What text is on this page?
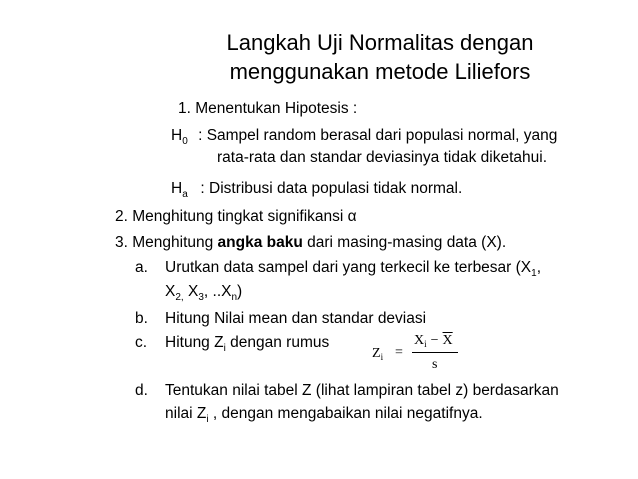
Langkah Uji Normalitas dengan
menggunakan metode Liliefors
1. Menentukan Hipotesis :
$H_0$ : Sampel random berasal dari populasi normal, yang
rata-rata dan standar deviasinya tidak diketahui.
$H_a$  : Distribusi data populasi tidak normal.
2. Menghitung tingkat signifikansi α
3. Menghitung angka baku dari masing-masing data (X).
a. Urutkan data sampel dari yang terkecil ke terbesar ($X_1$,
$X_{2,}$ $X_3$, $..X_n$)
b. Hitung Nilai mean dan standar deviasi
c. Hitung $Z_i$ dengan rumus
$Z_i$ =
$X_i - \overline{X}$
s
d. Tentukan nilai tabel Z (lihat lampiran tabel z) berdasarkan
nilai $Z_i$ , dengan mengabaikan nilai negatifnya.
